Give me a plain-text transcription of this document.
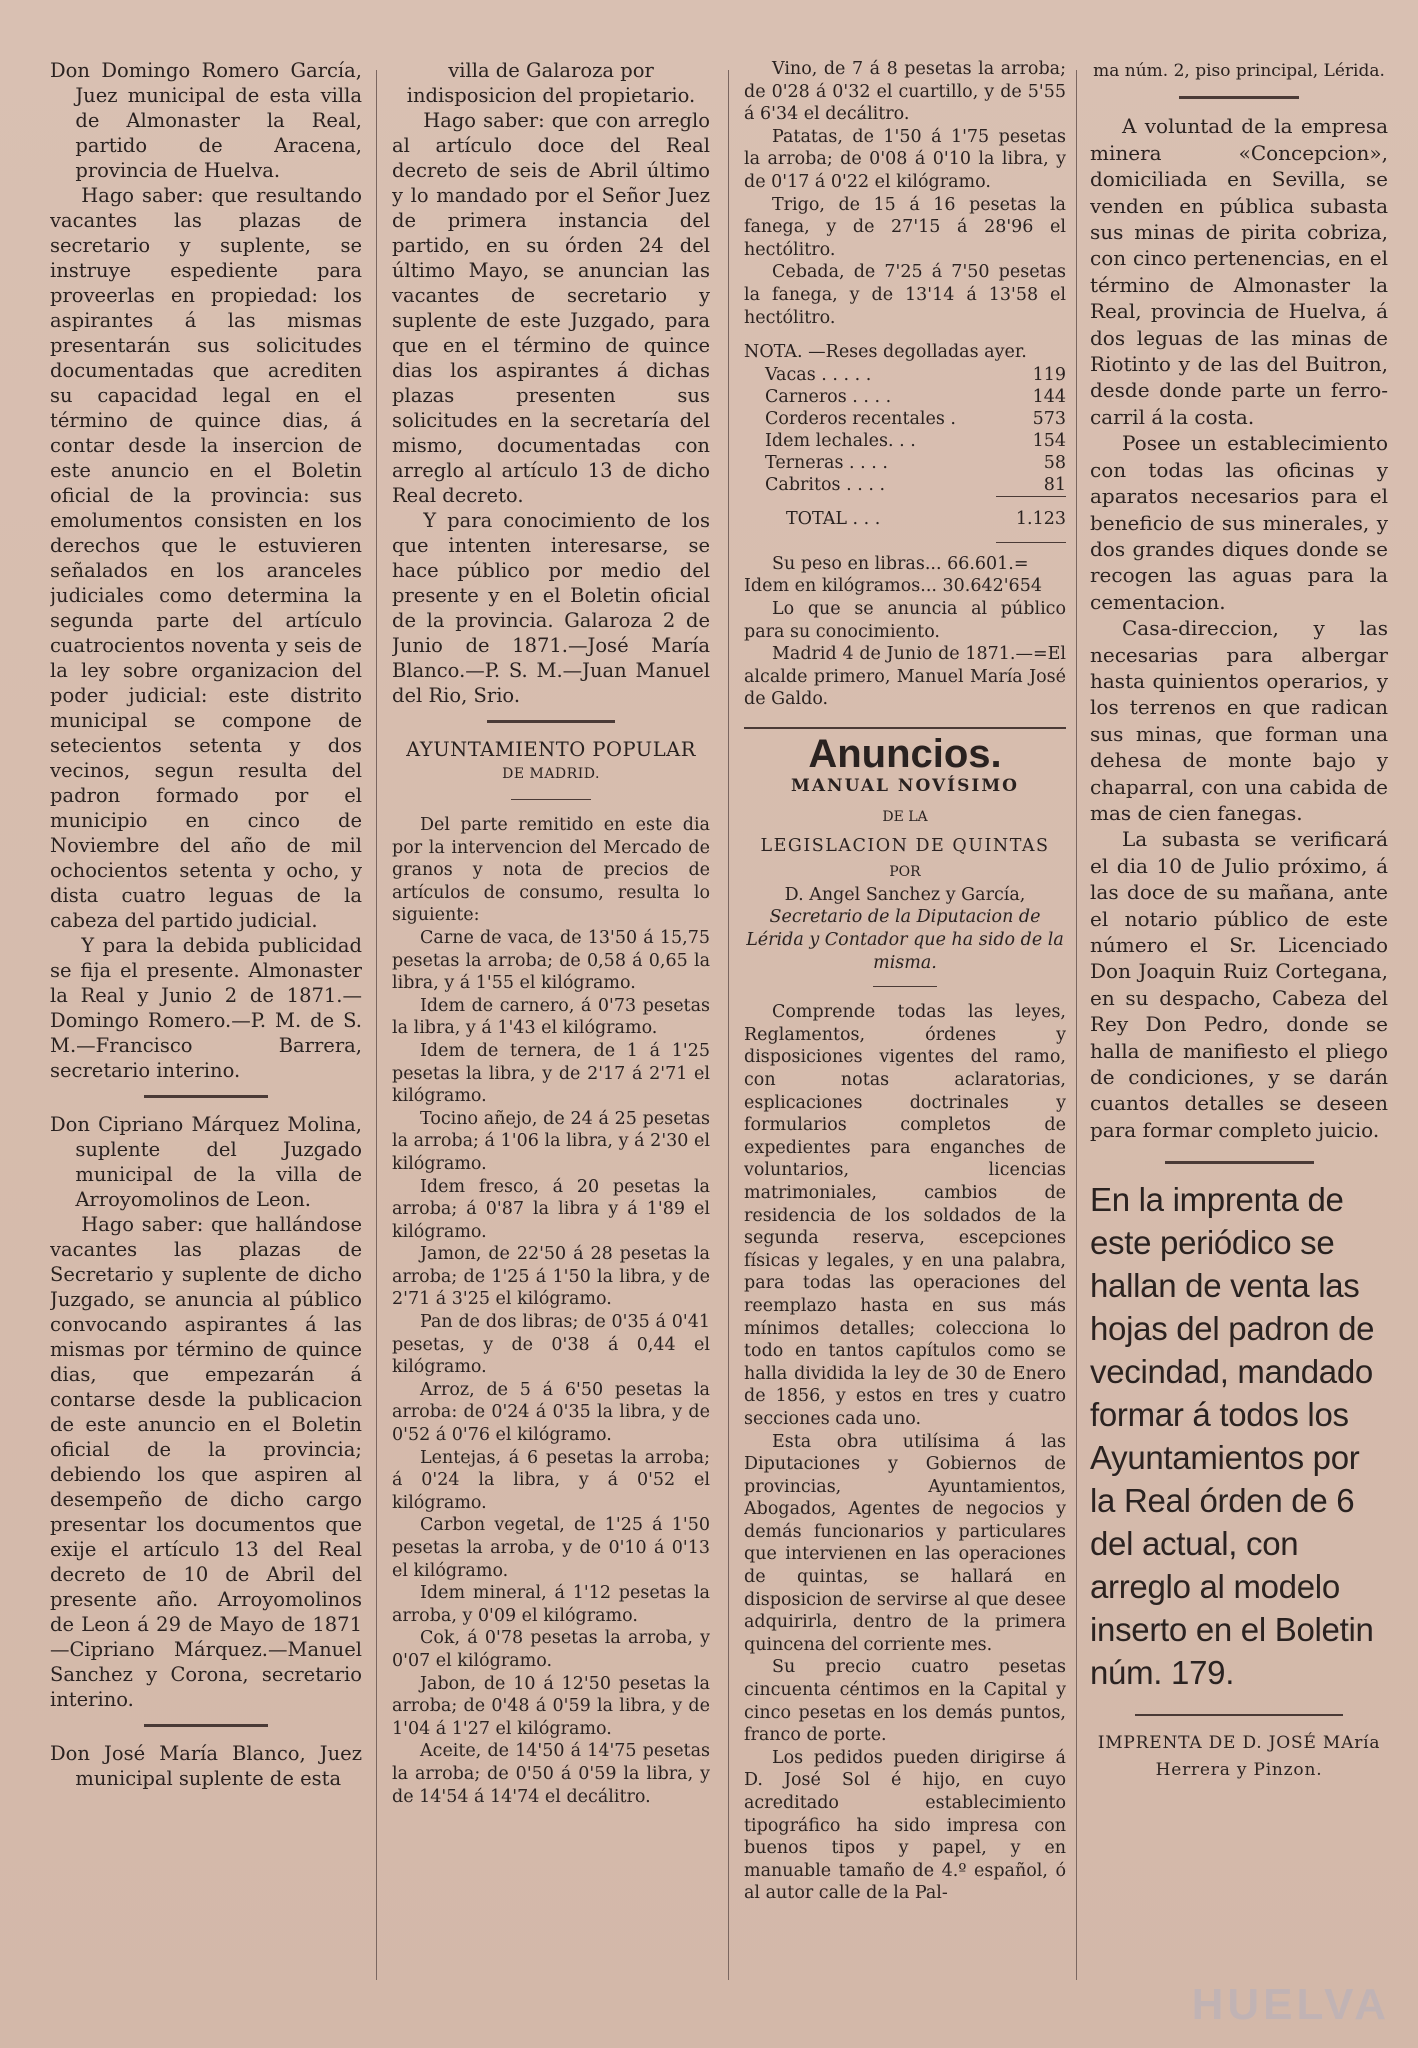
Don Domingo Romero García, Juez municipal de esta villa de Almonaster la Real, partido de Aracena, provincia de Huelva.

Hago saber: que resultando vacantes las plazas de secretario y suplente, se instruye espediente para proveerlas en propiedad: los aspirantes á las mismas presentarán sus solicitudes documentadas que acrediten su capacidad legal en el término de quince dias, á contar desde la insercion de este anuncio en el Boletin oficial de la provincia: sus emolumentos consisten en los derechos que le estuvieren señalados en los aranceles judiciales como determina la segunda parte del artículo cuatrocientos noventa y seis de la ley sobre organizacion del poder judicial: este distrito municipal se compone de setecientos setenta y dos vecinos, segun resulta del padron formado por el municipio en cinco de Noviembre del año de mil ochocientos setenta y ocho, y dista cuatro leguas de la cabeza del partido judicial.

Y para la debida publicidad se fija el presente. Almonaster la Real y Junio 2 de 1871.—Domingo Romero.—P. M. de S. M.—Francisco Barrera, secretario interino.

Don Cipriano Márquez Molina, suplente del Juzgado municipal de la villa de Arroyomolinos de Leon.

Hago saber: que hallándose vacantes las plazas de Secretario y suplente de dicho Juzgado, se anuncia al público convocando aspirantes á las mismas por término de quince dias, que empezarán á contarse desde la publicacion de este anuncio en el Boletin oficial de la provincia; debiendo los que aspiren al desempeño de dicho cargo presentar los documentos que exije el artículo 13 del Real decreto de 10 de Abril del presente año. Arroyomolinos de Leon á 29 de Mayo de 1871—Cipriano Márquez.—Manuel Sanchez y Corona, secretario interino.

Don José María Blanco, Juez municipal suplente de esta

villa de Galaroza por indisposicion del propietario.

Hago saber: que con arreglo al artículo doce del Real decreto de seis de Abril último y lo mandado por el Señor Juez de primera instancia del partido, en su órden 24 del último Mayo, se anuncian las vacantes de secretario y suplente de este Juzgado, para que en el término de quince dias los aspirantes á dichas plazas presenten sus solicitudes en la secretaría del mismo, documentadas con arreglo al artículo 13 de dicho Real decreto.

Y para conocimiento de los que intenten interesarse, se hace público por medio del presente y en el Boletin oficial de la provincia. Galaroza 2 de Junio de 1871.—José María Blanco.—P. S. M.—Juan Manuel del Rio, Srio.

AYUNTAMIENTO POPULAR

DE MADRID.

Del parte remitido en este dia por la intervencion del Mercado de granos y nota de precios de artículos de consumo, resulta lo siguiente:

Carne de vaca, de 13'50 á 15,75 pesetas la arroba; de 0,58 á 0,65 la libra, y á 1'55 el kilógramo.

Idem de carnero, á 0'73 pesetas la libra, y á 1'43 el kilógramo.

Idem de ternera, de 1 á 1'25 pesetas la libra, y de 2'17 á 2'71 el kilógramo.

Tocino añejo, de 24 á 25 pesetas la arroba; á 1'06 la libra, y á 2'30 el kilógramo.

Idem fresco, á 20 pesetas la arroba; á 0'87 la libra y á 1'89 el kilógramo.

Jamon, de 22'50 á 28 pesetas la arroba; de 1'25 á 1'50 la libra, y de 2'71 á 3'25 el kilógramo.

Pan de dos libras; de 0'35 á 0'41 pesetas, y de 0'38 á 0,44 el kilógramo.

Arroz, de 5 á 6'50 pesetas la arroba: de 0'24 á 0'35 la libra, y de 0'52 á 0'76 el kilógramo.

Lentejas, á 6 pesetas la arroba; á 0'24 la libra, y á 0'52 el kilógramo.

Carbon vegetal, de 1'25 á 1'50 pesetas la arroba, y de 0'10 á 0'13 el kilógramo.

Idem mineral, á 1'12 pesetas la arroba, y 0'09 el kilógramo.

Cok, á 0'78 pesetas la arroba, y 0'07 el kilógramo.

Jabon, de 10 á 12'50 pesetas la arroba; de 0'48 á 0'59 la libra, y de 1'04 á 1'27 el kilógramo.

Aceite, de 14'50 á 14'75 pesetas la arroba; de 0'50 á 0'59 la libra, y de 14'54 á 14'74 el decálitro.

Vino, de 7 á 8 pesetas la arroba; de 0'28 á 0'32 el cuartillo, y de 5'55 á 6'34 el decálitro.

Patatas, de 1'50 á 1'75 pesetas la arroba; de 0'08 á 0'10 la libra, y de 0'17 á 0'22 el kilógramo.

Trigo, de 15 á 16 pesetas la fanega, y de 27'15 á 28'96 el hectólitro.

Cebada, de 7'25 á 7'50 pesetas la fanega, y de 13'14 á 13'58 el hectólitro.

NOTA. —Reses degolladas ayer.

Vacas . . . . .	119
Carneros . . . .	144
Corderos recentales .	573
Idem lechales. . .	154
Terneras . . . .	58
Cabritos . . . .	81
TOTAL . . .	1.123

Su peso en libras... 66.601.=

Idem en kilógramos... 30.642'654

Lo que se anuncia al público para su conocimiento.

Madrid 4 de Junio de 1871.—=El alcalde primero, Manuel María José de Galdo.

Anuncios.

MANUAL NOVÍSIMO

DE LA

LEGISLACION DE QUINTAS

POR

D. Angel Sanchez y García,

Secretario de la Diputacion de Lérida y Contador que ha sido de la misma.

Comprende todas las leyes, Reglamentos, órdenes y disposiciones vigentes del ramo, con notas aclaratorias, esplicaciones doctrinales y formularios completos de expedientes para enganches de voluntarios, licencias matrimoniales, cambios de residencia de los soldados de la segunda reserva, escepciones físicas y legales, y en una palabra, para todas las operaciones del reemplazo hasta en sus más mínimos detalles; colecciona lo todo en tantos capítulos como se halla dividida la ley de 30 de Enero de 1856, y estos en tres y cuatro secciones cada uno.

Esta obra utilísima á las Diputaciones y Gobiernos de provincias, Ayuntamientos, Abogados, Agentes de negocios y demás funcionarios y particulares que intervienen en las operaciones de quintas, se hallará en disposicion de servirse al que desee adquirirla, dentro de la primera quincena del corriente mes.

Su precio cuatro pesetas cincuenta céntimos en la Capital y cinco pesetas en los demás puntos, franco de porte.

Los pedidos pueden dirigirse á D. José Sol é hijo, en cuyo acreditado establecimiento tipográfico ha sido impresa con buenos tipos y papel, y en manuable tamaño de 4.º español, ó al autor calle de la Pal-

ma núm. 2, piso principal, Lérida.

A voluntad de la empresa minera «Concepcion», domiciliada en Sevilla, se venden en pública subasta sus minas de pirita cobriza, con cinco pertenencias, en el término de Almonaster la Real, provincia de Huelva, á dos leguas de las minas de Riotinto y de las del Buitron, desde donde parte un ferro-carril á la costa.

Posee un establecimiento con todas las oficinas y aparatos necesarios para el beneficio de sus minerales, y dos grandes diques donde se recogen las aguas para la cementacion.

Casa-direccion, y las necesarias para albergar hasta quinientos operarios, y los terrenos en que radican sus minas, que forman una dehesa de monte bajo y chaparral, con una cabida de mas de cien fanegas.

La subasta se verificará el dia 10 de Julio próximo, á las doce de su mañana, ante el notario público de este número el Sr. Licenciado Don Joaquin Ruiz Cortegana, en su despacho, Cabeza del Rey Don Pedro, donde se halla de manifiesto el pliego de condiciones, y se darán cuantos detalles se deseen para formar completo juicio.

En la imprenta de este periódico se hallan de venta las hojas del padron de vecindad, mandado formar á todos los Ayuntamientos por la Real órden de 6 del actual, con arreglo al modelo inserto en el Boletin núm. 179.

IMPRENTA DE D. JOSÉ MAría Herrera y Pinzon.

HUELVA
